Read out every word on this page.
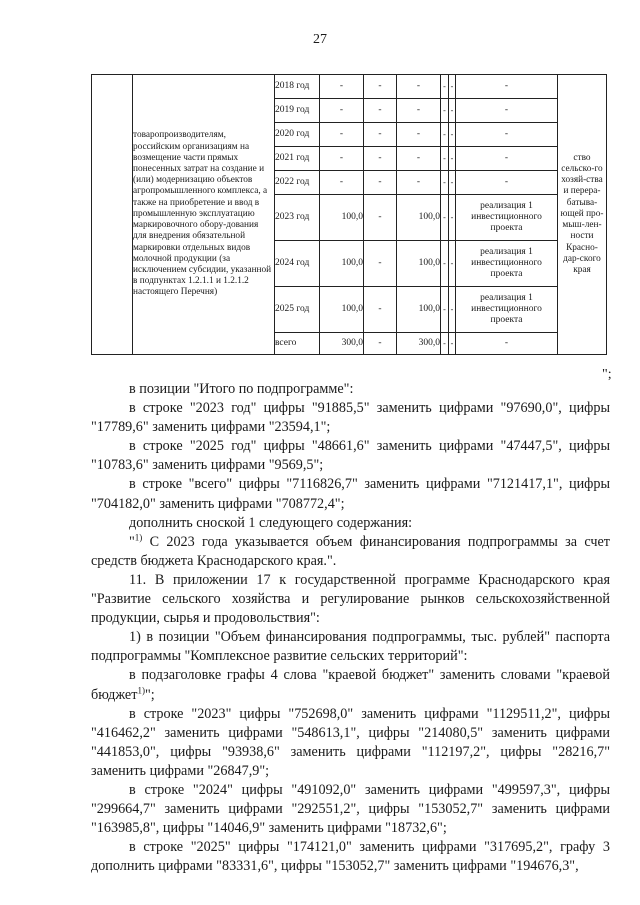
27
	товаропроизводителям, российским организациям на возмещение части прямых понесенных затрат на создание и (или) модернизацию объектов агропромышленного комплекса, а также на приобретение и ввод в промышленную эксплуатацию маркировочного обору-дования для внедрения обязательной маркировки отдельных видов молочной продукции (за исключением субсидии, указанной в подпунктах 1.2.1.1 и 1.2.1.2 настоящего Перечня)	2018 год	-	-	-	-	-	-	ство сельско-го хозяй-ства и перера-батыва-ющей про-мыш-лен-ности Красно-дар-ского края
		2019 год	-	-	-	-	-	-	
		2020 год	-	-	-	-	-	-	
		2021 год	-	-	-	-	-	-	
		2022 год	-	-	-	-	-	-	
		2023 год	100,0	-	100,0	-	-	реализация 1 инвестиционного проекта	
		2024 год	100,0	-	100,0	-	-	реализация 1 инвестиционного проекта	
		2025 год	100,0	-	100,0	-	-	реализация 1 инвестиционного проекта	
		всего	300,0	-	300,0	-	-	-	
";

в позиции "Итого по подпрограмме":

в строке "2023 год" цифры "91885,5" заменить цифрами "97690,0", цифры "17789,6" заменить цифрами "23594,1";

в строке "2025 год" цифры "48661,6" заменить цифрами "47447,5", цифры "10783,6" заменить цифрами "9569,5";

в строке "всего" цифры "7116826,7" заменить цифрами "7121417,1", цифры "704182,0" заменить цифрами "708772,4";

дополнить сноской 1 следующего содержания:

"$^{1)}$ С 2023 года указывается объем финансирования подпрограммы за счет средств бюджета Краснодарского края.".

11. В приложении 17 к государственной программе Краснодарского края "Развитие сельского хозяйства и регулирование рынков сельскохозяйственной продукции, сырья и продовольствия":

1) в позиции "Объем финансирования подпрограммы, тыс. рублей" паспорта подпрограммы "Комплексное развитие сельских территорий":

в подзаголовке графы 4 слова "краевой бюджет" заменить словами "краевой бюджет$^{1)}$";

в строке "2023" цифры "752698,0" заменить цифрами "1129511,2", цифры "416462,2" заменить цифрами "548613,1", цифры "214080,5" заменить цифрами "441853,0", цифры "93938,6" заменить цифрами "112197,2", цифры "28216,7" заменить цифрами "26847,9";

в строке "2024" цифры "491092,0" заменить цифрами "499597,3", цифры "299664,7" заменить цифрами "292551,2", цифры "153052,7" заменить цифрами "163985,8", цифры "14046,9" заменить цифрами "18732,6";

в строке "2025" цифры "174121,0" заменить цифрами "317695,2", графу 3 дополнить цифрами "83331,6", цифры "153052,7" заменить цифрами "194676,3",
